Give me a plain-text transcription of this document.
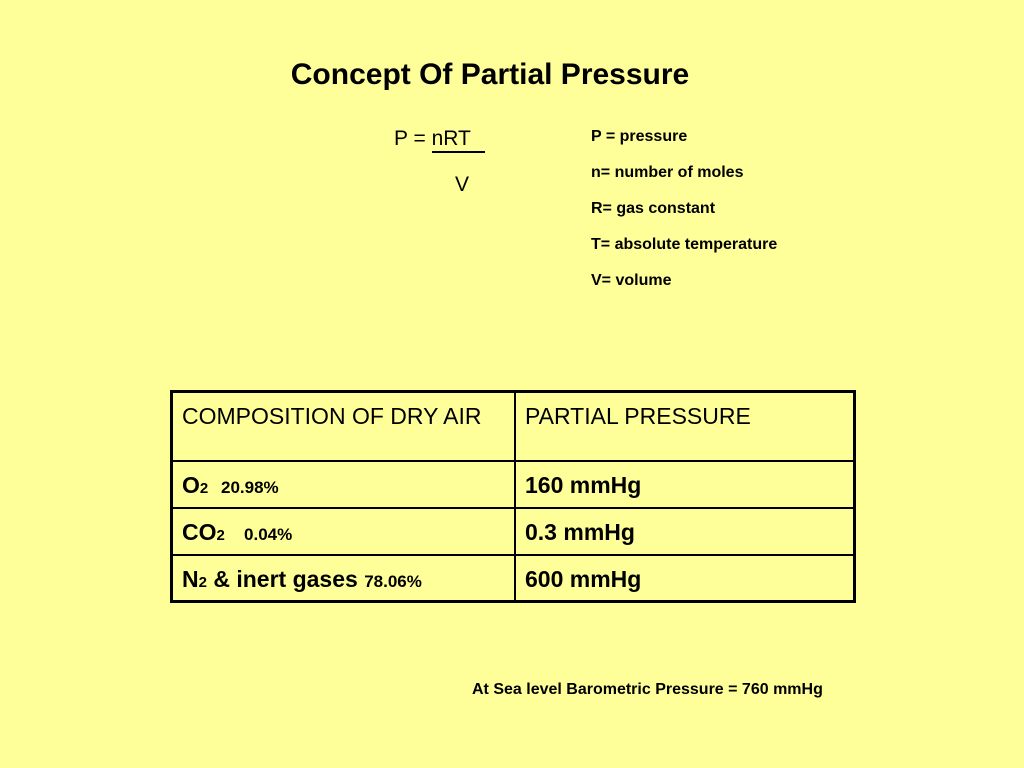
Concept Of Partial Pressure
P = nRT
V
P = pressure
n= number of moles
R= gas constant
T= absolute temperature
V= volume
COMPOSITION OF DRY AIR	PARTIAL PRESSURE
O2 20.98%	160 mmHg
CO2 0.04%	0.3 mmHg
N2 & inert gases 78.06%	600 mmHg
At Sea level Barometric Pressure = 760 mmHg
